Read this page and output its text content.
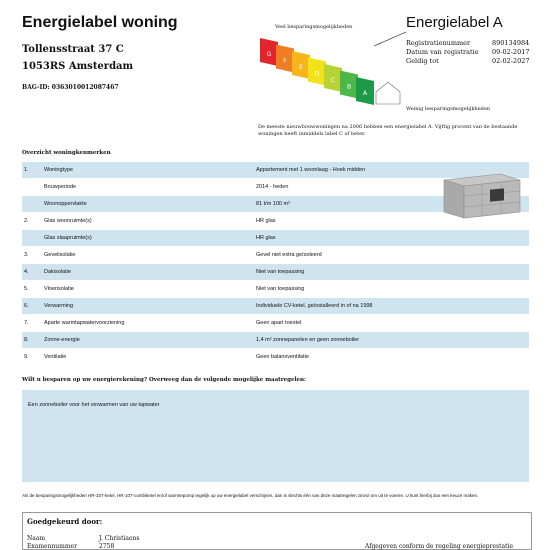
Energielabel woning
Tollensstraat 37 C
1053RS Amsterdam
BAG-ID: 0363010012087467
Energielabel A
Registratienummer	890134984
Datum van registratie 09-02-2017
Geldig tot	02-02-2027
Veel besparingsmogelijkheden
G
F
E
D
C
B
A
Weinig besparingsmogelijkheden
De meeste nieuwbouwwoningen na 2006 hebben een energielabel A. Vijftig procent van de bestaande woningen heeft inmiddels label C of beter.
Overzicht woningkenmerken
1.	Woningtype	Appartement met 1 woonlaag - Hoek midden
Bouwperiode	2014 - heden
Woonoppervlakte	81 t/m 100 m²
2.	Glas woonruimte(s)	HR glas
Glas slaapruimte(s)	HR glas
3.	Gevelisolatie	Gevel niet extra geïsoleerd
4.	Dakisolatie	Niet van toepassing
5.	Vloerisolatie	Niet van toepassing
6.	Verwarming	Individuele CV-ketel, geïnstalleerd in of na 1998
7.	Aparte warmtapwatervoorziening	Geen apart toestel
8.	Zonne-energie	1,4 m² zonnepanelen en geen zonneboiler
9.	Ventilatie	Geen balansventilatie
Wilt u besparen op uw energierekening? Overweeg dan de volgende mogelijke maatregelen:
Een zonneboiler voor het verwarmen van uw tapwater
Als de besparingsmogelijkheden HR-107-ketel, HR-107-combiketel en/of warmtepomp tegelijk op uw energielabel verschijnen, dan is slechts één van deze maatregelen zinvol om uit te voeren. U kunt hierbij dus een keuze maken.
Goedgekeurd door:
Naam	J. Christiaens
Examennummer	2758	Afgegeven conform de regeling energieprestatie
